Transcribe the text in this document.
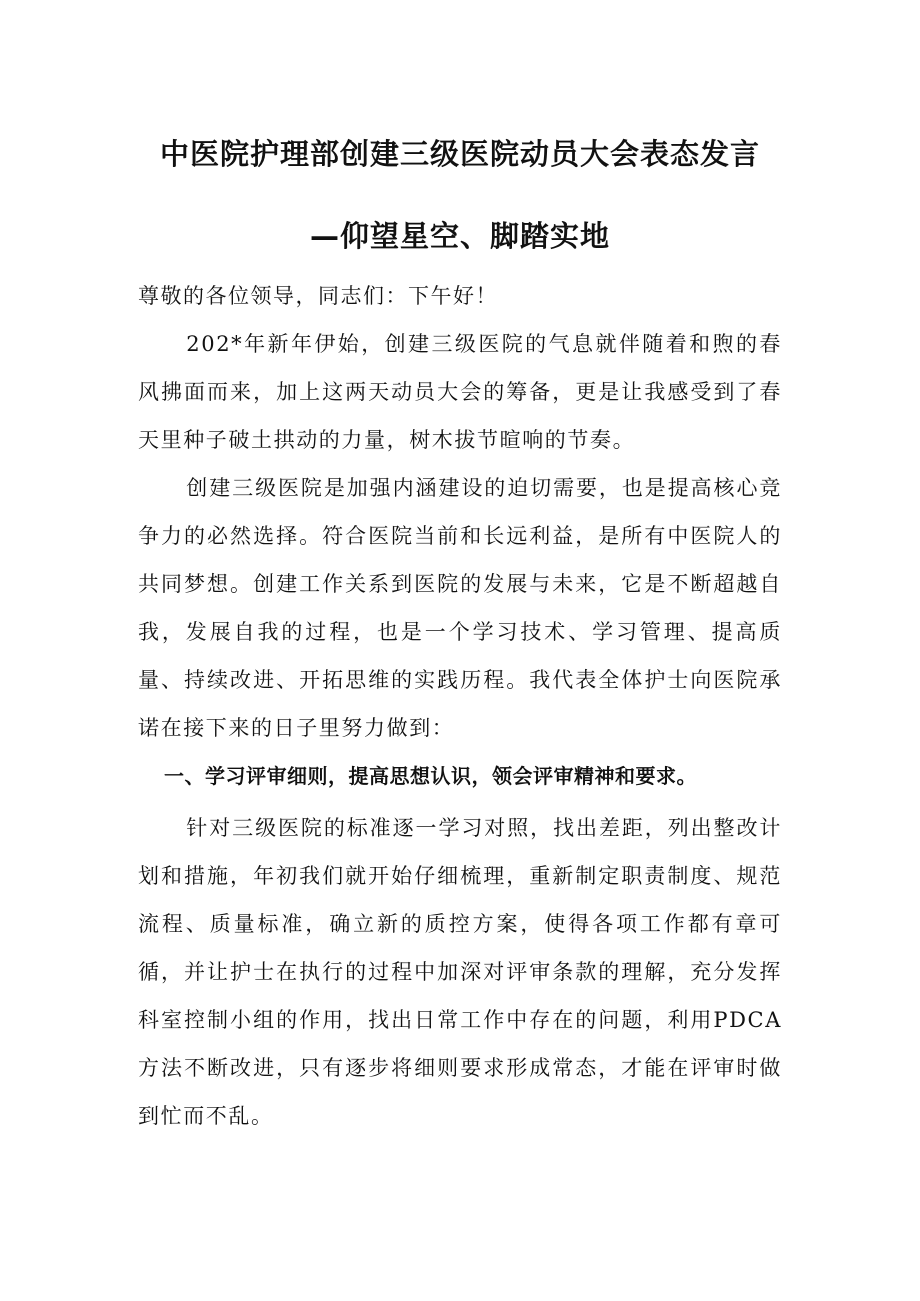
中医院护理部创建三级医院动员大会表态发言
—仰望星空、脚踏实地

尊敬的各位领导，同志们：下午好！

202*年新年伊始，创建三级医院的气息就伴随着和煦的春风拂面而来，加上这两天动员大会的筹备，更是让我感受到了春天里种子破土拱动的力量，树木拔节暄响的节奏。

创建三级医院是加强内涵建设的迫切需要，也是提高核心竞争力的必然选择。符合医院当前和长远利益，是所有中医院人的共同梦想。创建工作关系到医院的发展与未来，它是不断超越自我，发展自我的过程，也是一个学习技术、学习管理、提高质量、持续改进、开拓思维的实践历程。我代表全体护士向医院承诺在接下来的日子里努力做到：

一、学习评审细则，提高思想认识，领会评审精神和要求。

针对三级医院的标准逐一学习对照，找出差距，列出整改计划和措施，年初我们就开始仔细梳理，重新制定职责制度、规范流程、质量标准，确立新的质控方案，使得各项工作都有章可循，并让护士在执行的过程中加深对评审条款的理解，充分发挥科室控制小组的作用，找出日常工作中存在的问题，利用PDCA方法不断改进，只有逐步将细则要求形成常态，才能在评审时做到忙而不乱。
